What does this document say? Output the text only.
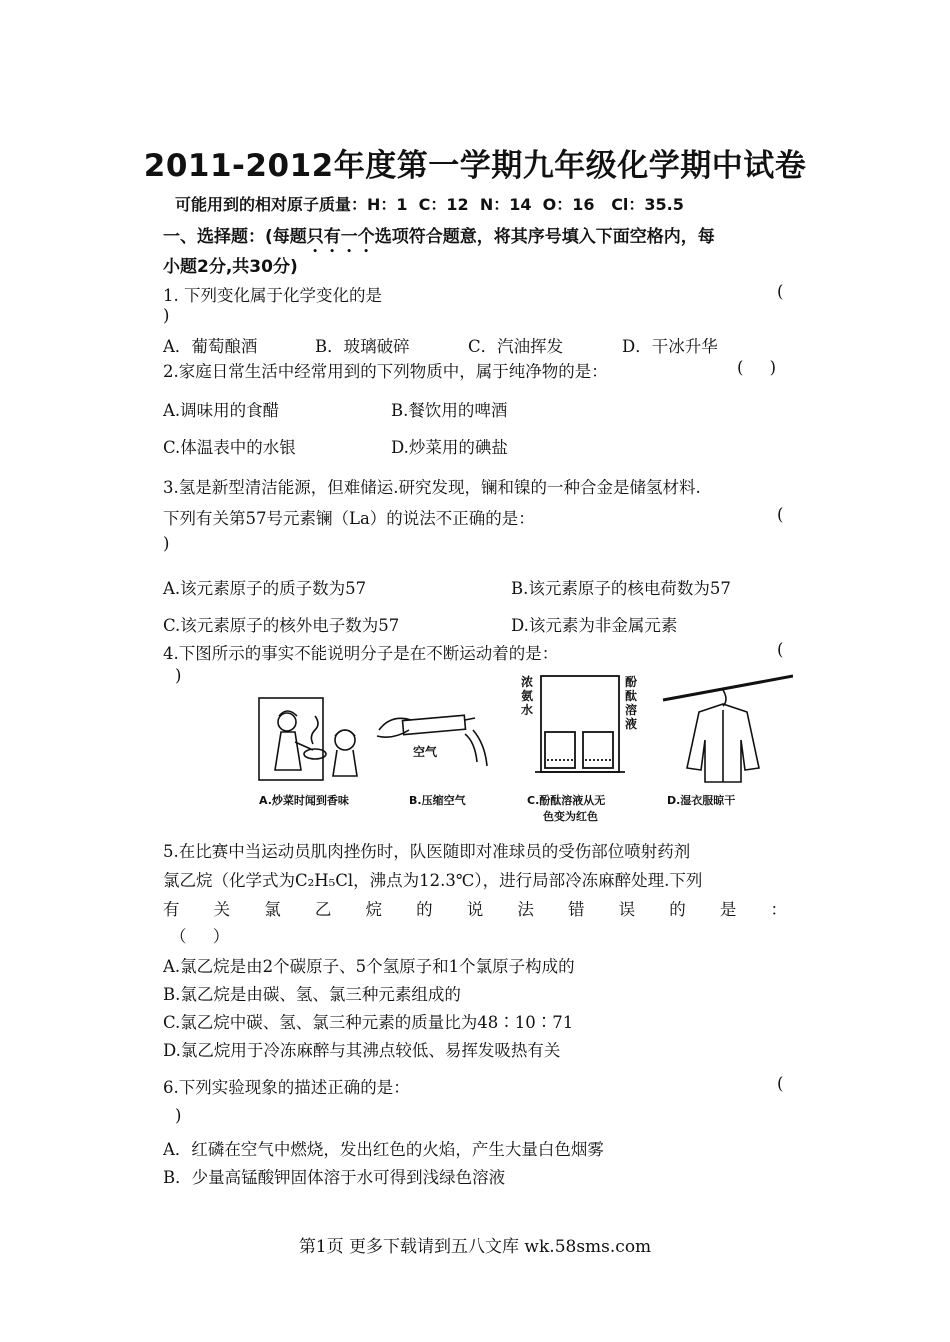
2011-2012年度第一学期九年级化学期中试卷
可能用到的相对原子质量：H：1  C：12  N：14  O：16   Cl：35.5
一、选择题：(每题只有一个选项符合题意，将其序号填入下面空格内，每
小题2分,共30分)
1. 下列变化属于化学变化的是	(
)
A．葡萄酿酒	B．玻璃破碎	C．汽油挥发	D．干冰升华
2.家庭日常生活中经常用到的下列物质中，属于纯净物的是：	(     )
A.调味用的食醋	B.餐饮用的啤酒
C.体温表中的水银	D.炒菜用的碘盐
3.氢是新型清洁能源，但难储运.研究发现，镧和镍的一种合金是储氢材料.
下列有关第57号元素镧（La）的说法不正确的是：	(
)
A.该元素原子的质子数为57	B.该元素原子的核电荷数为57
C.该元素原子的核外电子数为57	D.该元素为非金属元素
4.下图所示的事实不能说明分子是在不断运动着的是：	(
)
A.炒菜时闻到香味
空气
B.压缩空气
浓
氨
水
酚
酞
溶
液
C.酚酞溶液从无
色变为红色
D.湿衣服晾干
5.在比赛中当运动员肌肉挫伤时，队医随即对准球员的受伤部位喷射药剂
氯乙烷（化学式为C₂H₅Cl，沸点为12.3℃），进行局部冷冻麻醉处理.下列
有 关 氯 乙 烷 的 说 法 错 误 的 是 ：
（     ）
A.氯乙烷是由2个碳原子、5个氢原子和1个氯原子构成的
B.氯乙烷是由碳、氢、氯三种元素组成的
C.氯乙烷中碳、氢、氯三种元素的质量比为48∶10∶71
D.氯乙烷用于冷冻麻醉与其沸点较低、易挥发吸热有关
6.下列实验现象的描述正确的是：	(
)
A．红磷在空气中燃烧，发出红色的火焰，产生大量白色烟雾
B．少量高锰酸钾固体溶于水可得到浅绿色溶液
第1页 更多下载请到五八文库 wk.58sms.com
